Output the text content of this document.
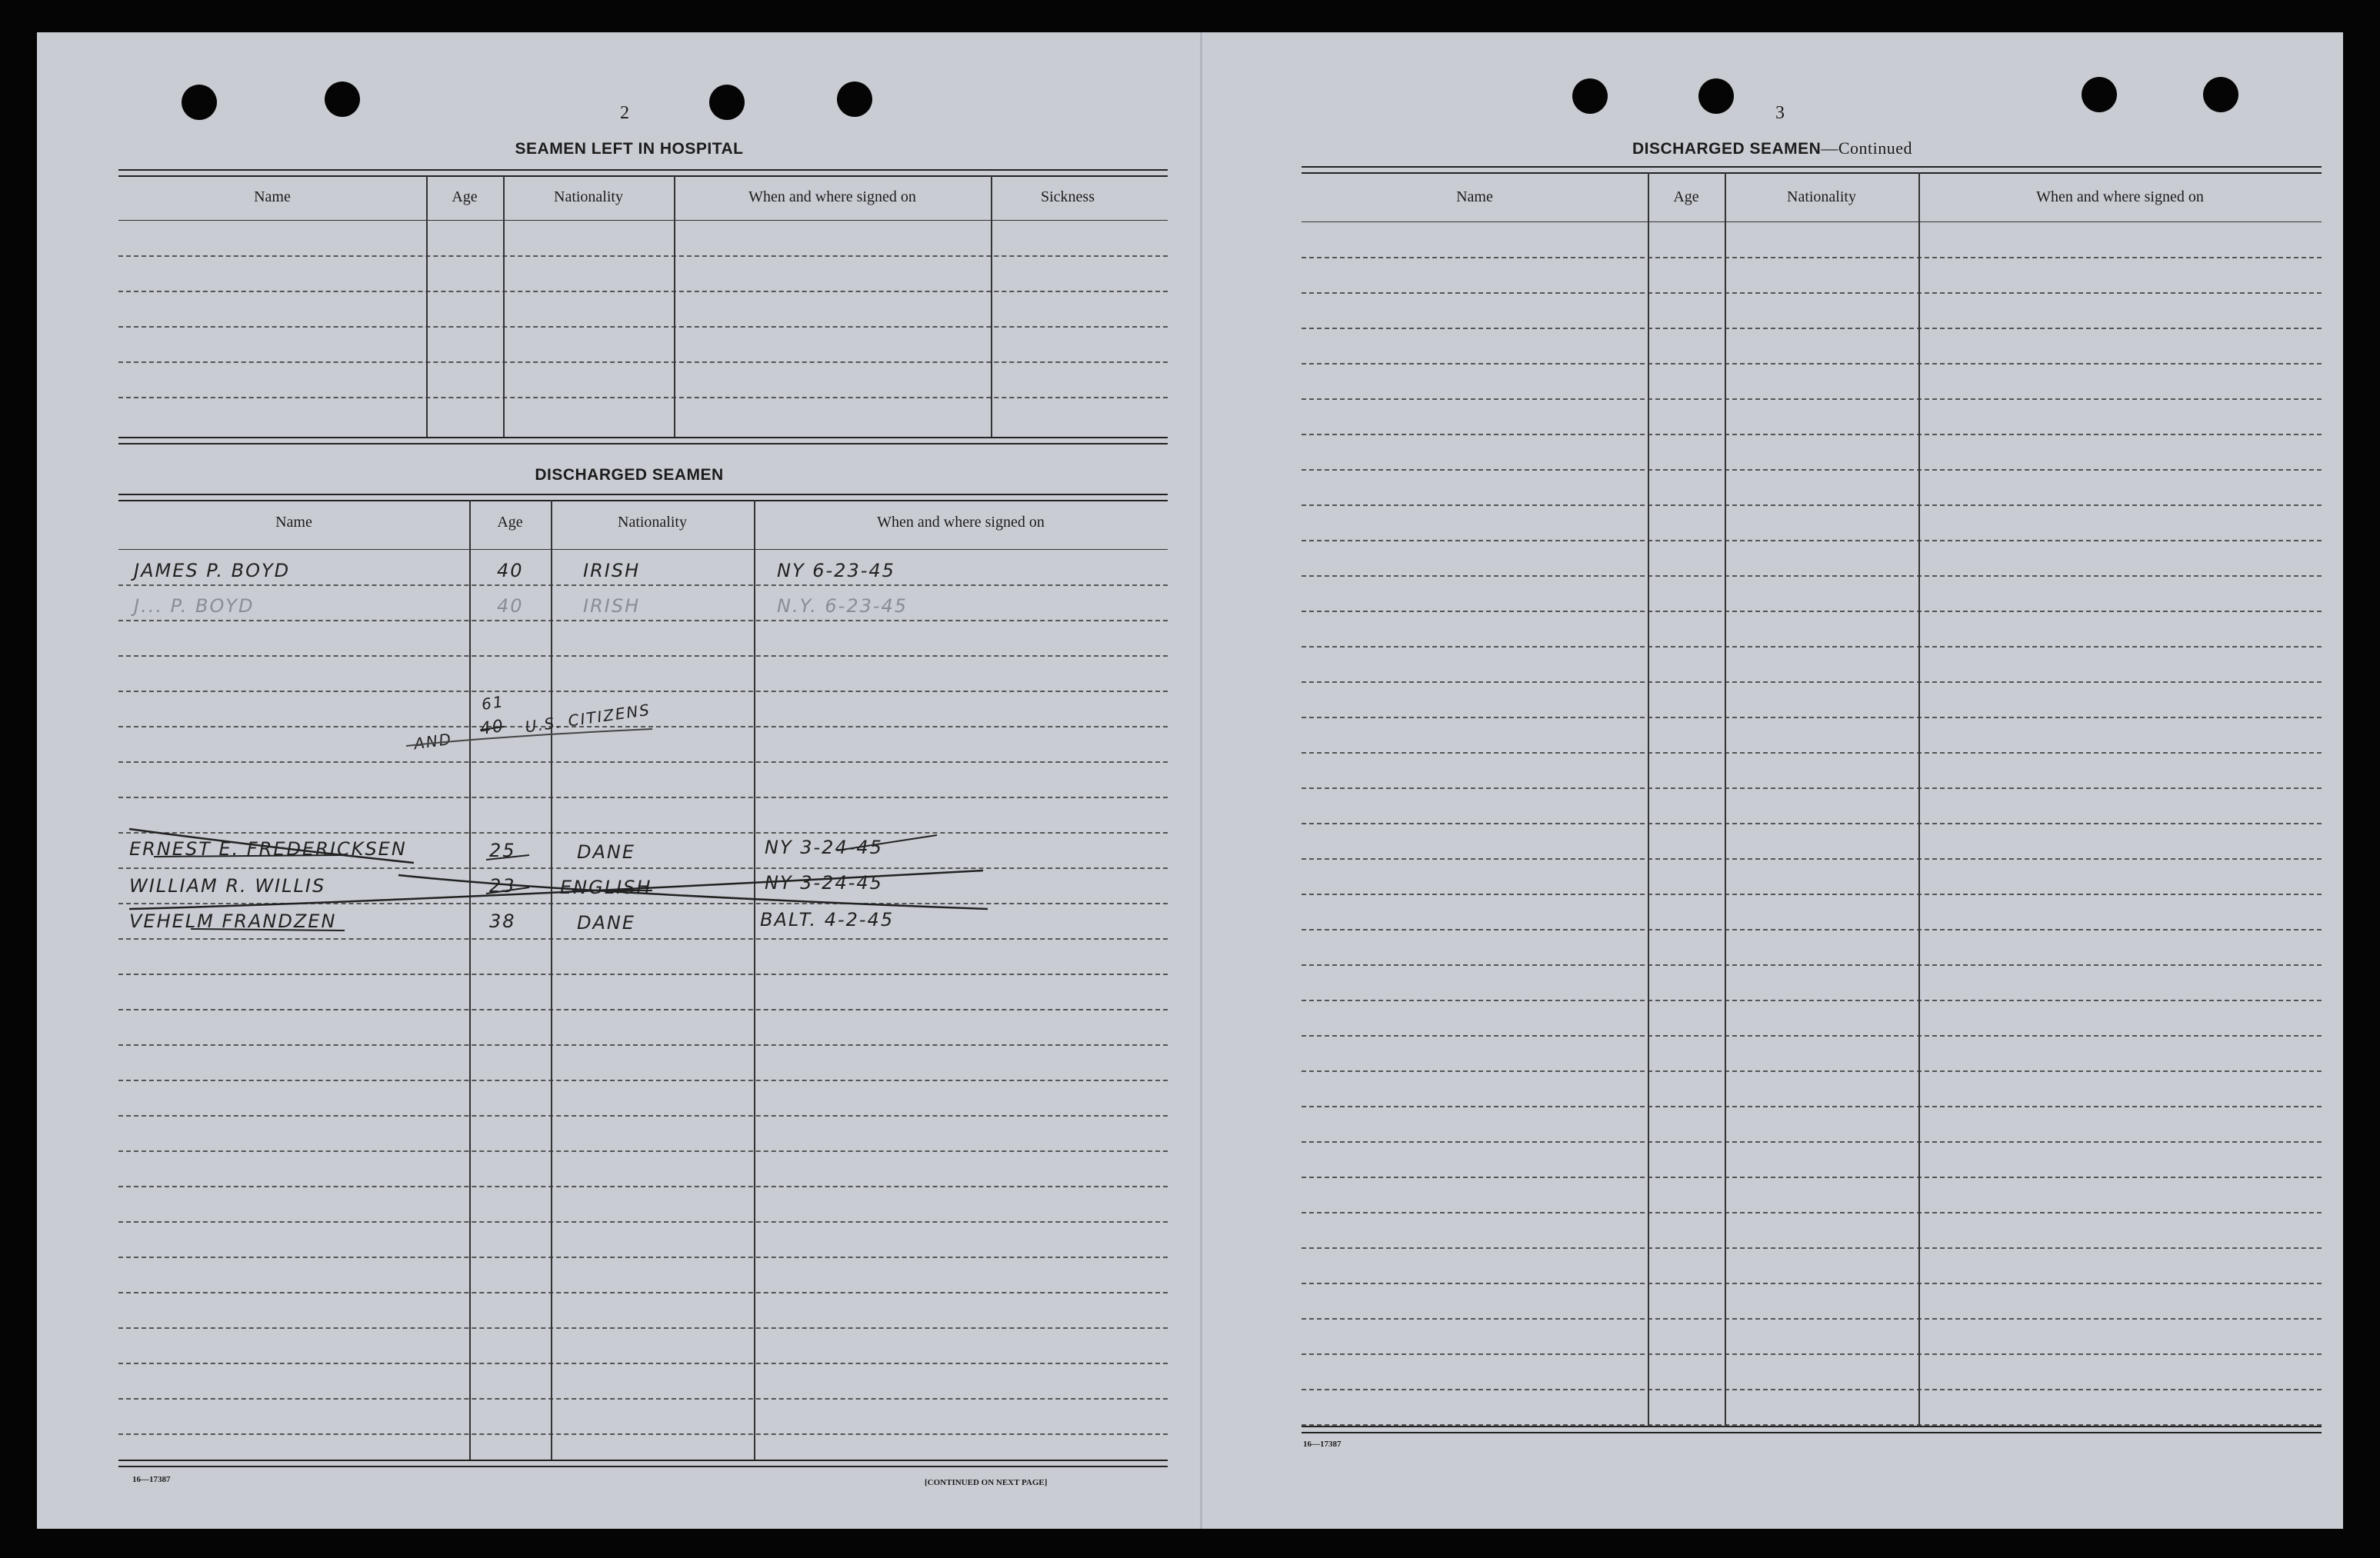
2
SEAMEN LEFT IN HOSPITAL
Name	Age	Nationality	When and where signed on	Sickness
DISCHARGED SEAMEN
Name	Age	Nationality	When and where signed on
JAMES P. BOYD	40	IRISH	NY 6-23-45
J... P. BOYD	40	IRISH	N.Y. 6-23-45
AND
40
61 U.S. CITIZENS
ERNEST E. FREDERICKSEN	25	DANE	NY 3-24-45
WILLIAM R. WILLIS	23 ENGLISH	NY 3-24-45
VEHELM FRANDZEN	38	DANE	BALT. 4-2-45
16—17387	[CONTINUED ON NEXT PAGE]
3
DISCHARGED SEAMEN—Continued
Name	Age	Nationality	When and where signed on
16—17387
